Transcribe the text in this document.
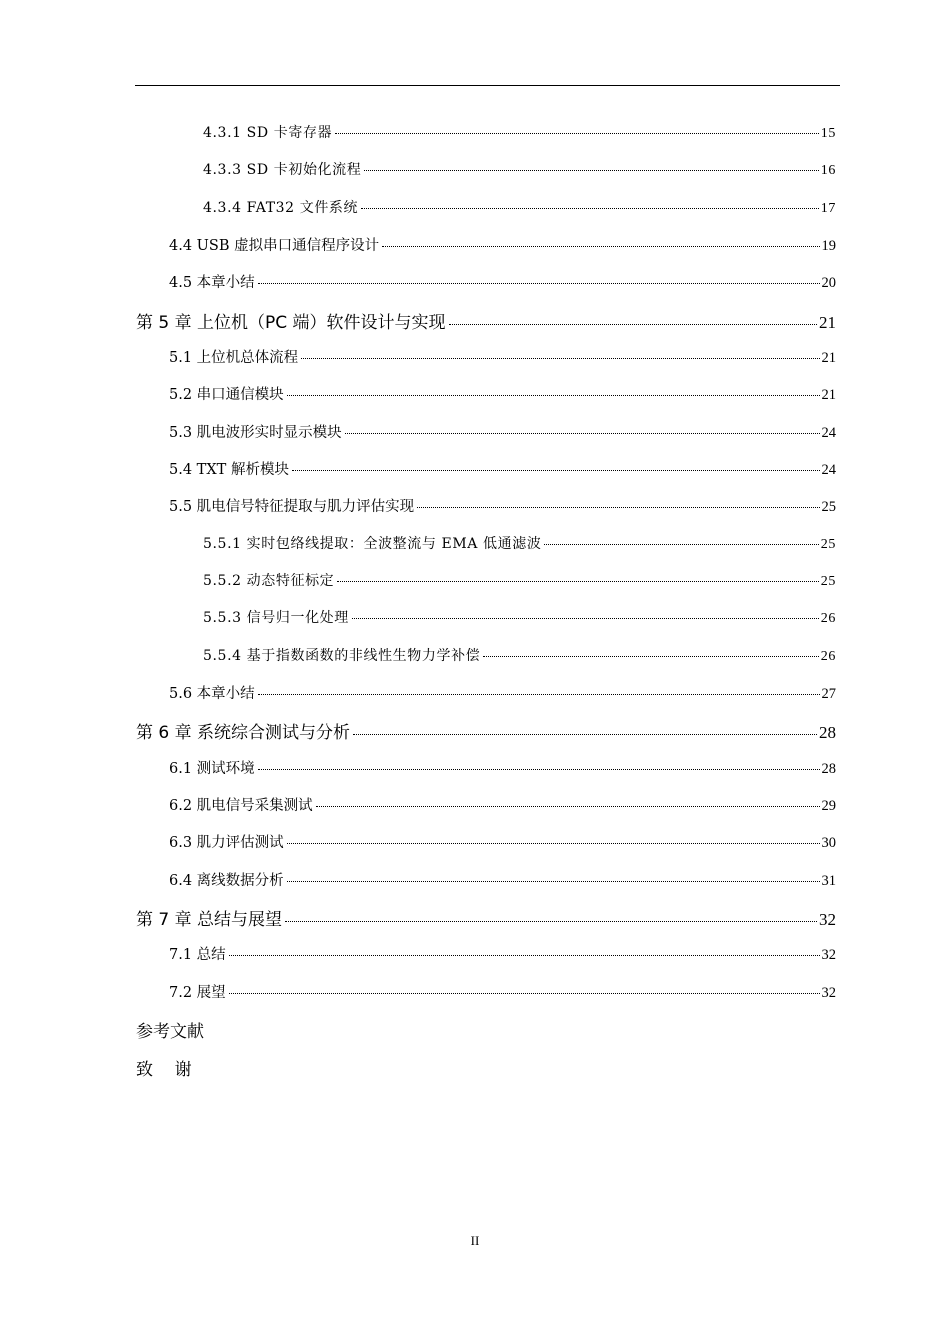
4.3.1 SD 卡寄存器	15
4.3.3 SD 卡初始化流程	16
4.3.4 FAT32 文件系统	17
4.4 USB 虚拟串口通信程序设计	19
4.5 本章小结	20
第 5 章 上位机（PC 端）软件设计与实现	21
5.1 上位机总体流程	21
5.2 串口通信模块	21
5.3 肌电波形实时显示模块	24
5.4 TXT 解析模块	24
5.5 肌电信号特征提取与肌力评估实现	25
5.5.1 实时包络线提取：全波整流与 EMA 低通滤波	25
5.5.2 动态特征标定	25
5.5.3 信号归一化处理	26
5.5.4 基于指数函数的非线性生物力学补偿	26
5.6 本章小结	27
第 6 章 系统综合测试与分析	28
6.1 测试环境	28
6.2 肌电信号采集测试	29
6.3 肌力评估测试	30
6.4 离线数据分析	31
第 7 章 总结与展望	32
7.1 总结	32
7.2 展望	32
参考文献
致    谢
II
